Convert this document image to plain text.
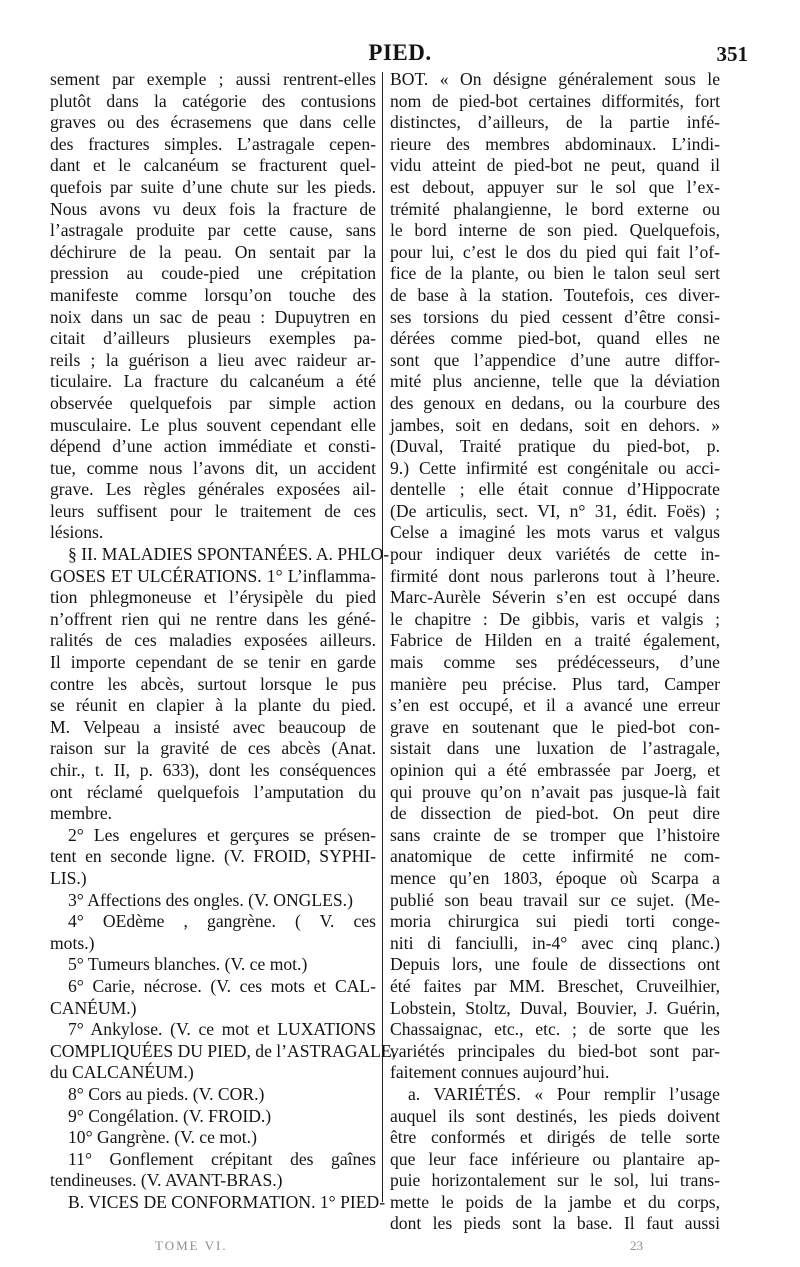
PIED.	351
sement par exemple ; aussi rentrent-elles
plutôt dans la catégorie des contusions
graves ou des écrasemens que dans celle
des fractures simples. L’astragale cepen-
dant et le calcanéum se fracturent quel-
quefois par suite d’une chute sur les pieds.
Nous avons vu deux fois la fracture de
l’astragale produite par cette cause, sans
déchirure de la peau. On sentait par la
pression au coude-pied une crépitation
manifeste comme lorsqu’on touche des
noix dans un sac de peau : Dupuytren en
citait d’ailleurs plusieurs exemples pa-
reils ; la guérison a lieu avec raideur ar-
ticulaire. La fracture du calcanéum a été
observée quelquefois par simple action
musculaire. Le plus souvent cependant elle
dépend d’une action immédiate et consti-
tue, comme nous l’avons dit, un accident
grave. Les règles générales exposées ail-
leurs suffisent pour le traitement de ces
lésions.
§ II. MALADIES SPONTANÉES. A. PHLO-
GOSES ET ULCÉRATIONS. 1° L’inflamma-
tion phlegmoneuse et l’érysipèle du pied
n’offrent rien qui ne rentre dans les géné-
ralités de ces maladies exposées ailleurs.
Il importe cependant de se tenir en garde
contre les abcès, surtout lorsque le pus
se réunit en clapier à la plante du pied.
M. Velpeau a insisté avec beaucoup de
raison sur la gravité de ces abcès (Anat.
chir., t. II, p. 633), dont les conséquences
ont réclamé quelquefois l’amputation du
membre.
2° Les engelures et gerçures se présen-
tent en seconde ligne. (V. FROID, SYPHI-
LIS.)
3° Affections des ongles. (V. ONGLES.)
4° OEdème , gangrène. ( V. ces
mots.)
5° Tumeurs blanches. (V. ce mot.)
6° Carie, nécrose. (V. ces mots et CAL-
CANÉUM.)
7° Ankylose. (V. ce mot et LUXATIONS
COMPLIQUÉES DU PIED, de l’ASTRAGALE,
du CALCANÉUM.)
8° Cors au pieds. (V. COR.)
9° Congélation. (V. FROID.)
10° Gangrène. (V. ce mot.)
11° Gonflement crépitant des gaînes
tendineuses. (V. AVANT-BRAS.)
B. VICES DE CONFORMATION. 1° PIED-
BOT. « On désigne généralement sous le
nom de pied-bot certaines difformités, fort
distinctes, d’ailleurs, de la partie infé-
rieure des membres abdominaux. L’indi-
vidu atteint de pied-bot ne peut, quand il
est debout, appuyer sur le sol que l’ex-
trémité phalangienne, le bord externe ou
le bord interne de son pied. Quelquefois,
pour lui, c’est le dos du pied qui fait l’of-
fice de la plante, ou bien le talon seul sert
de base à la station. Toutefois, ces diver-
ses torsions du pied cessent d’être consi-
dérées comme pied-bot, quand elles ne
sont que l’appendice d’une autre diffor-
mité plus ancienne, telle que la déviation
des genoux en dedans, ou la courbure des
jambes, soit en dedans, soit en dehors. »
(Duval, Traité pratique du pied-bot, p.
9.) Cette infirmité est congénitale ou acci-
dentelle ; elle était connue d’Hippocrate
(De articulis, sect. VI, n° 31, édit. Foës) ;
Celse a imaginé les mots varus et valgus
pour indiquer deux variétés de cette in-
firmité dont nous parlerons tout à l’heure.
Marc-Aurèle Séverin s’en est occupé dans
le chapitre : De gibbis, varis et valgis ;
Fabrice de Hilden en a traité également,
mais comme ses prédécesseurs, d’une
manière peu précise. Plus tard, Camper
s’en est occupé, et il a avancé une erreur
grave en soutenant que le pied-bot con-
sistait dans une luxation de l’astragale,
opinion qui a été embrassée par Joerg, et
qui prouve qu’on n’avait pas jusque-là fait
de dissection de pied-bot. On peut dire
sans crainte de se tromper que l’histoire
anatomique de cette infirmité ne com-
mence qu’en 1803, époque où Scarpa a
publié son beau travail sur ce sujet. (Me-
moria chirurgica sui piedi torti conge-
niti di fanciulli, in-4° avec cinq planc.)
Depuis lors, une foule de dissections ont
été faites par MM. Breschet, Cruveilhier,
Lobstein, Stoltz, Duval, Bouvier, J. Guérin,
Chassaignac, etc., etc. ; de sorte que les
variétés principales du bied-bot sont par-
faitement connues aujourd’hui.
a. VARIÉTÉS. « Pour remplir l’usage
auquel ils sont destinés, les pieds doivent
être conformés et dirigés de telle sorte
que leur face inférieure ou plantaire ap-
puie horizontalement sur le sol, lui trans-
mette le poids de la jambe et du corps,
dont les pieds sont la base. Il faut aussi
TOME VI.	23
